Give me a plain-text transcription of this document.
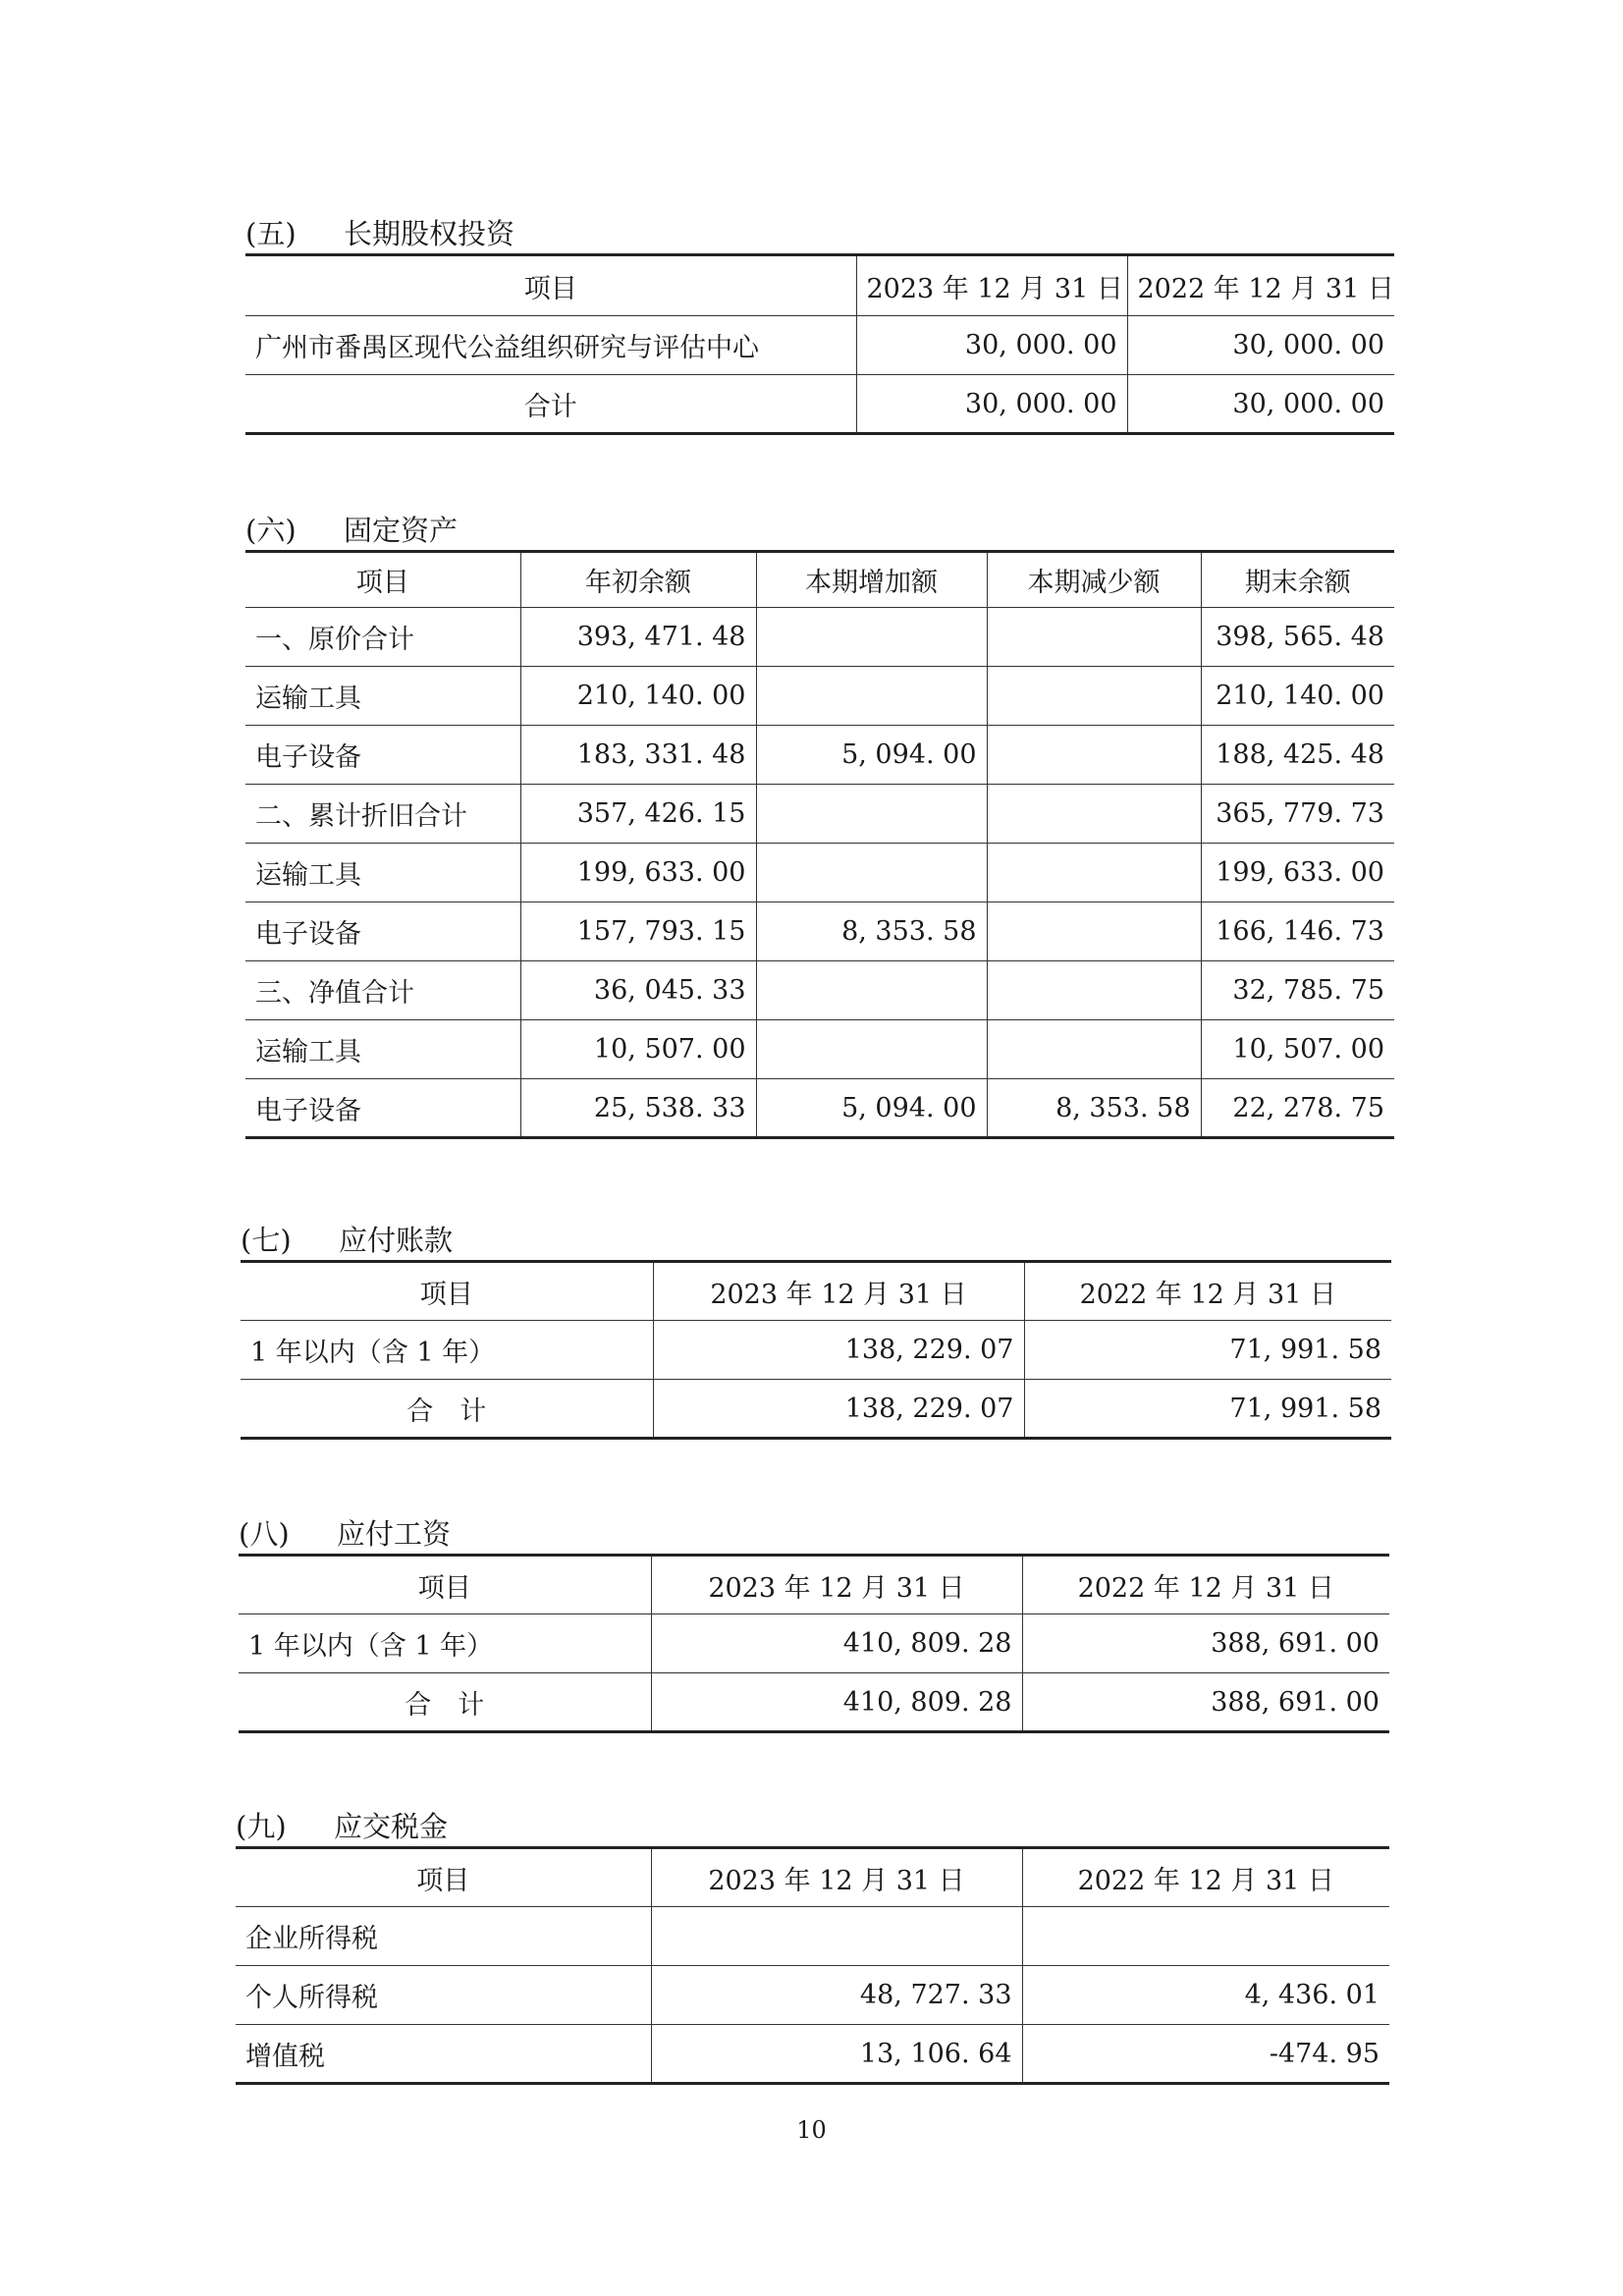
(五) 长期股权投资
项目	2023 年 12 月 31 日	2022 年 12 月 31 日
广州市番禺区现代公益组织研究与评估中心	30, 000. 00	30, 000. 00
合计	30, 000. 00	30, 000. 00
(六) 固定资产
项目	年初余额	本期增加额	本期减少额	期末余额
一、原价合计	393, 471. 48			398, 565. 48
运输工具	210, 140. 00			210, 140. 00
电子设备	183, 331. 48	5, 094. 00		188, 425. 48
二、累计折旧合计	357, 426. 15			365, 779. 73
运输工具	199, 633. 00			199, 633. 00
电子设备	157, 793. 15	8, 353. 58		166, 146. 73
三、净值合计	36, 045. 33			32, 785. 75
运输工具	10, 507. 00			10, 507. 00
电子设备	25, 538. 33	5, 094. 00	8, 353. 58	22, 278. 75
(七) 应付账款
项目	2023 年 12 月 31 日	2022 年 12 月 31 日
1 年以内（含 1 年）	138, 229. 07	71, 991. 58
合　计	138, 229. 07	71, 991. 58
(八) 应付工资
项目	2023 年 12 月 31 日	2022 年 12 月 31 日
1 年以内（含 1 年）	410, 809. 28	388, 691. 00
合　计	410, 809. 28	388, 691. 00
(九) 应交税金
项目	2023 年 12 月 31 日	2022 年 12 月 31 日
企业所得税		
个人所得税	48, 727. 33	4, 436. 01
增值税	13, 106. 64	-474. 95
10
